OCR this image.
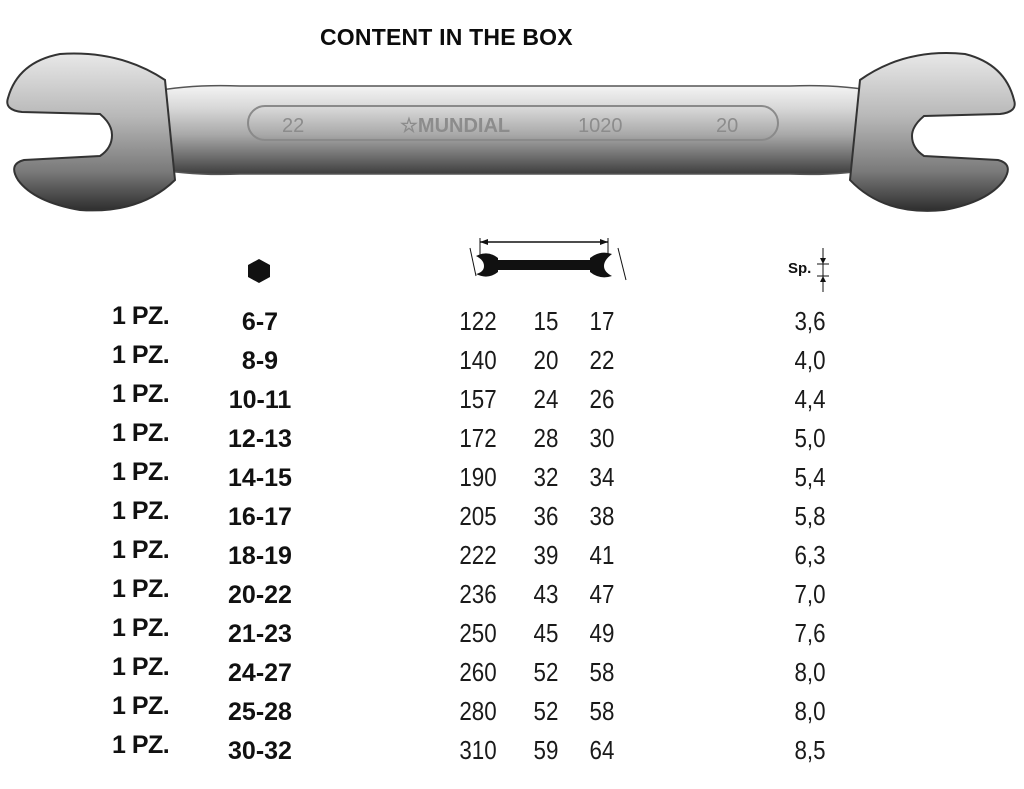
CONTENT IN THE BOX
22	☆MUNDIAL	1020	20
Sp.
1 PZ.	6-7	122	15	17	3,6
1 PZ.	8-9	140	20	22	4,0
1 PZ.	10-11	157	24	26	4,4
1 PZ.	12-13	172	28	30	5,0
1 PZ.	14-15	190	32	34	5,4
1 PZ.	16-17	205	36	38	5,8
1 PZ.	18-19	222	39	41	6,3
1 PZ.	20-22	236	43	47	7,0
1 PZ.	21-23	250	45	49	7,6
1 PZ.	24-27	260	52	58	8,0
1 PZ.	25-28	280	52	58	8,0
1 PZ.	30-32	310	59	64	8,5
